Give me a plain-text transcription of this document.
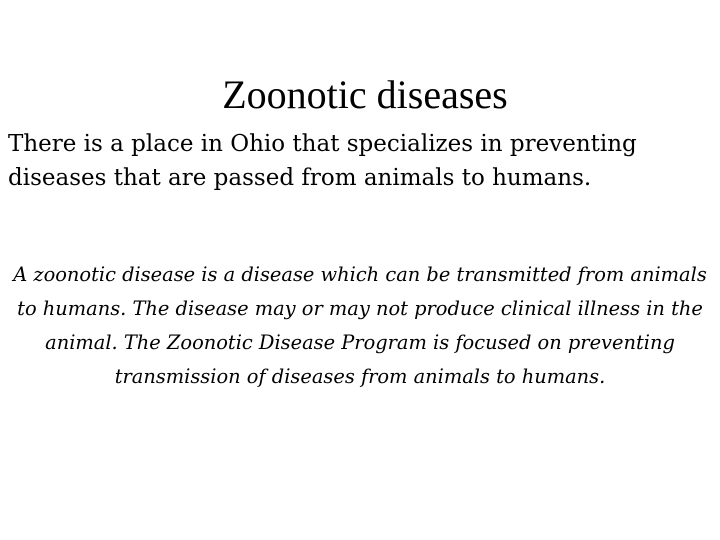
Zoonotic diseases

There is a place in Ohio that specializes in preventing diseases that are passed from animals to humans.

A zoonotic disease is a disease which can be transmitted from animals
to humans. The disease may or may not produce clinical illness in the
animal. The Zoonotic Disease Program is focused on preventing
transmission of diseases from animals to humans.
